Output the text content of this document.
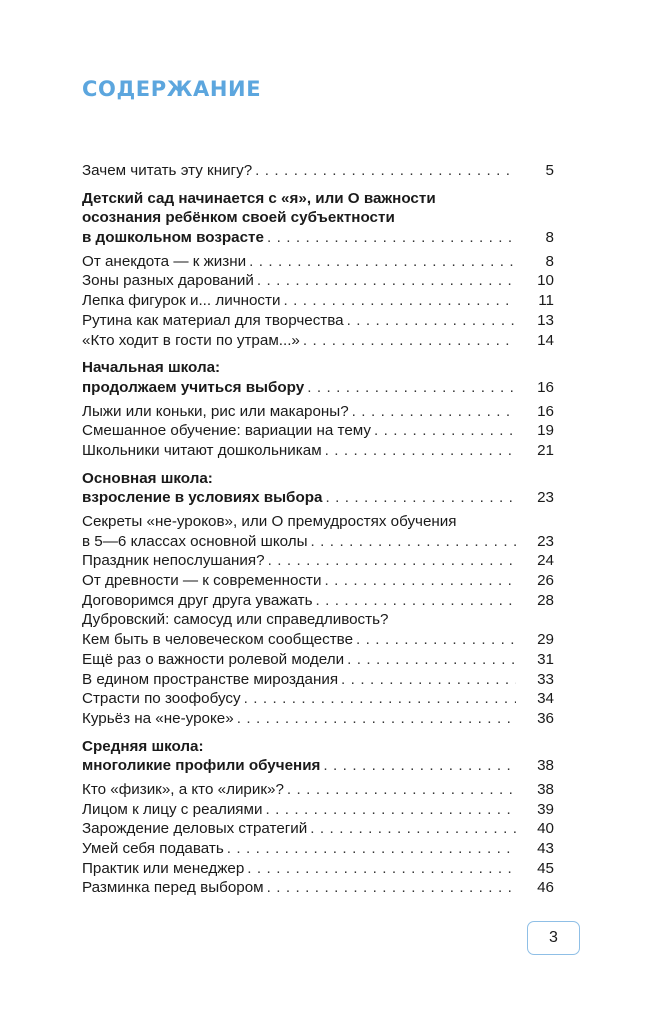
СОДЕРЖАНИЕ
Зачем читать эту книгу? . . .	5
Детский сад начинается с «я», или О важности
осознания ребёнком своей субъектности
в дошкольном возрасте . . .	8
От анекдота — к жизни . . .	8
Зоны разных дарований . . .	10
Лепка фигурок и... личности . . .	11
Рутина как материал для творчества . . .	13
«Кто ходит в гости по утрам...» . . .	14
Начальная школа:
продолжаем учиться выбору . . .	16
Лыжи или коньки, рис или макароны? . . .	16
Смешанное обучение: вариации на тему . . .	19
Школьники читают дошкольникам . . .	21
Основная школа:
взросление в условиях выбора . . .	23
Секреты «не-уроков», или О премудростях обучения
в 5—6 классах основной школы . . .	23
Праздник непослушания? . . .	24
От древности — к современности . . .	26
Договоримся друг друга уважать . . .	28
Дубровский: самосуд или справедливость?
Кем быть в человеческом сообществе . . .	29
Ещё раз о важности ролевой модели . . .	31
В едином пространстве мироздания . . .	33
Страсти по зоофобусу . . .	34
Курьёз на «не-уроке» . . .	36
Средняя школа:
многоликие профили обучения . . .	38
Кто «физик», а кто «лирик»? . . .	38
Лицом к лицу с реалиями . . .	39
Зарождение деловых стратегий . . .	40
Умей себя подавать . . .	43
Практик или менеджер . . .	45
Разминка перед выбором . . .	46
3
